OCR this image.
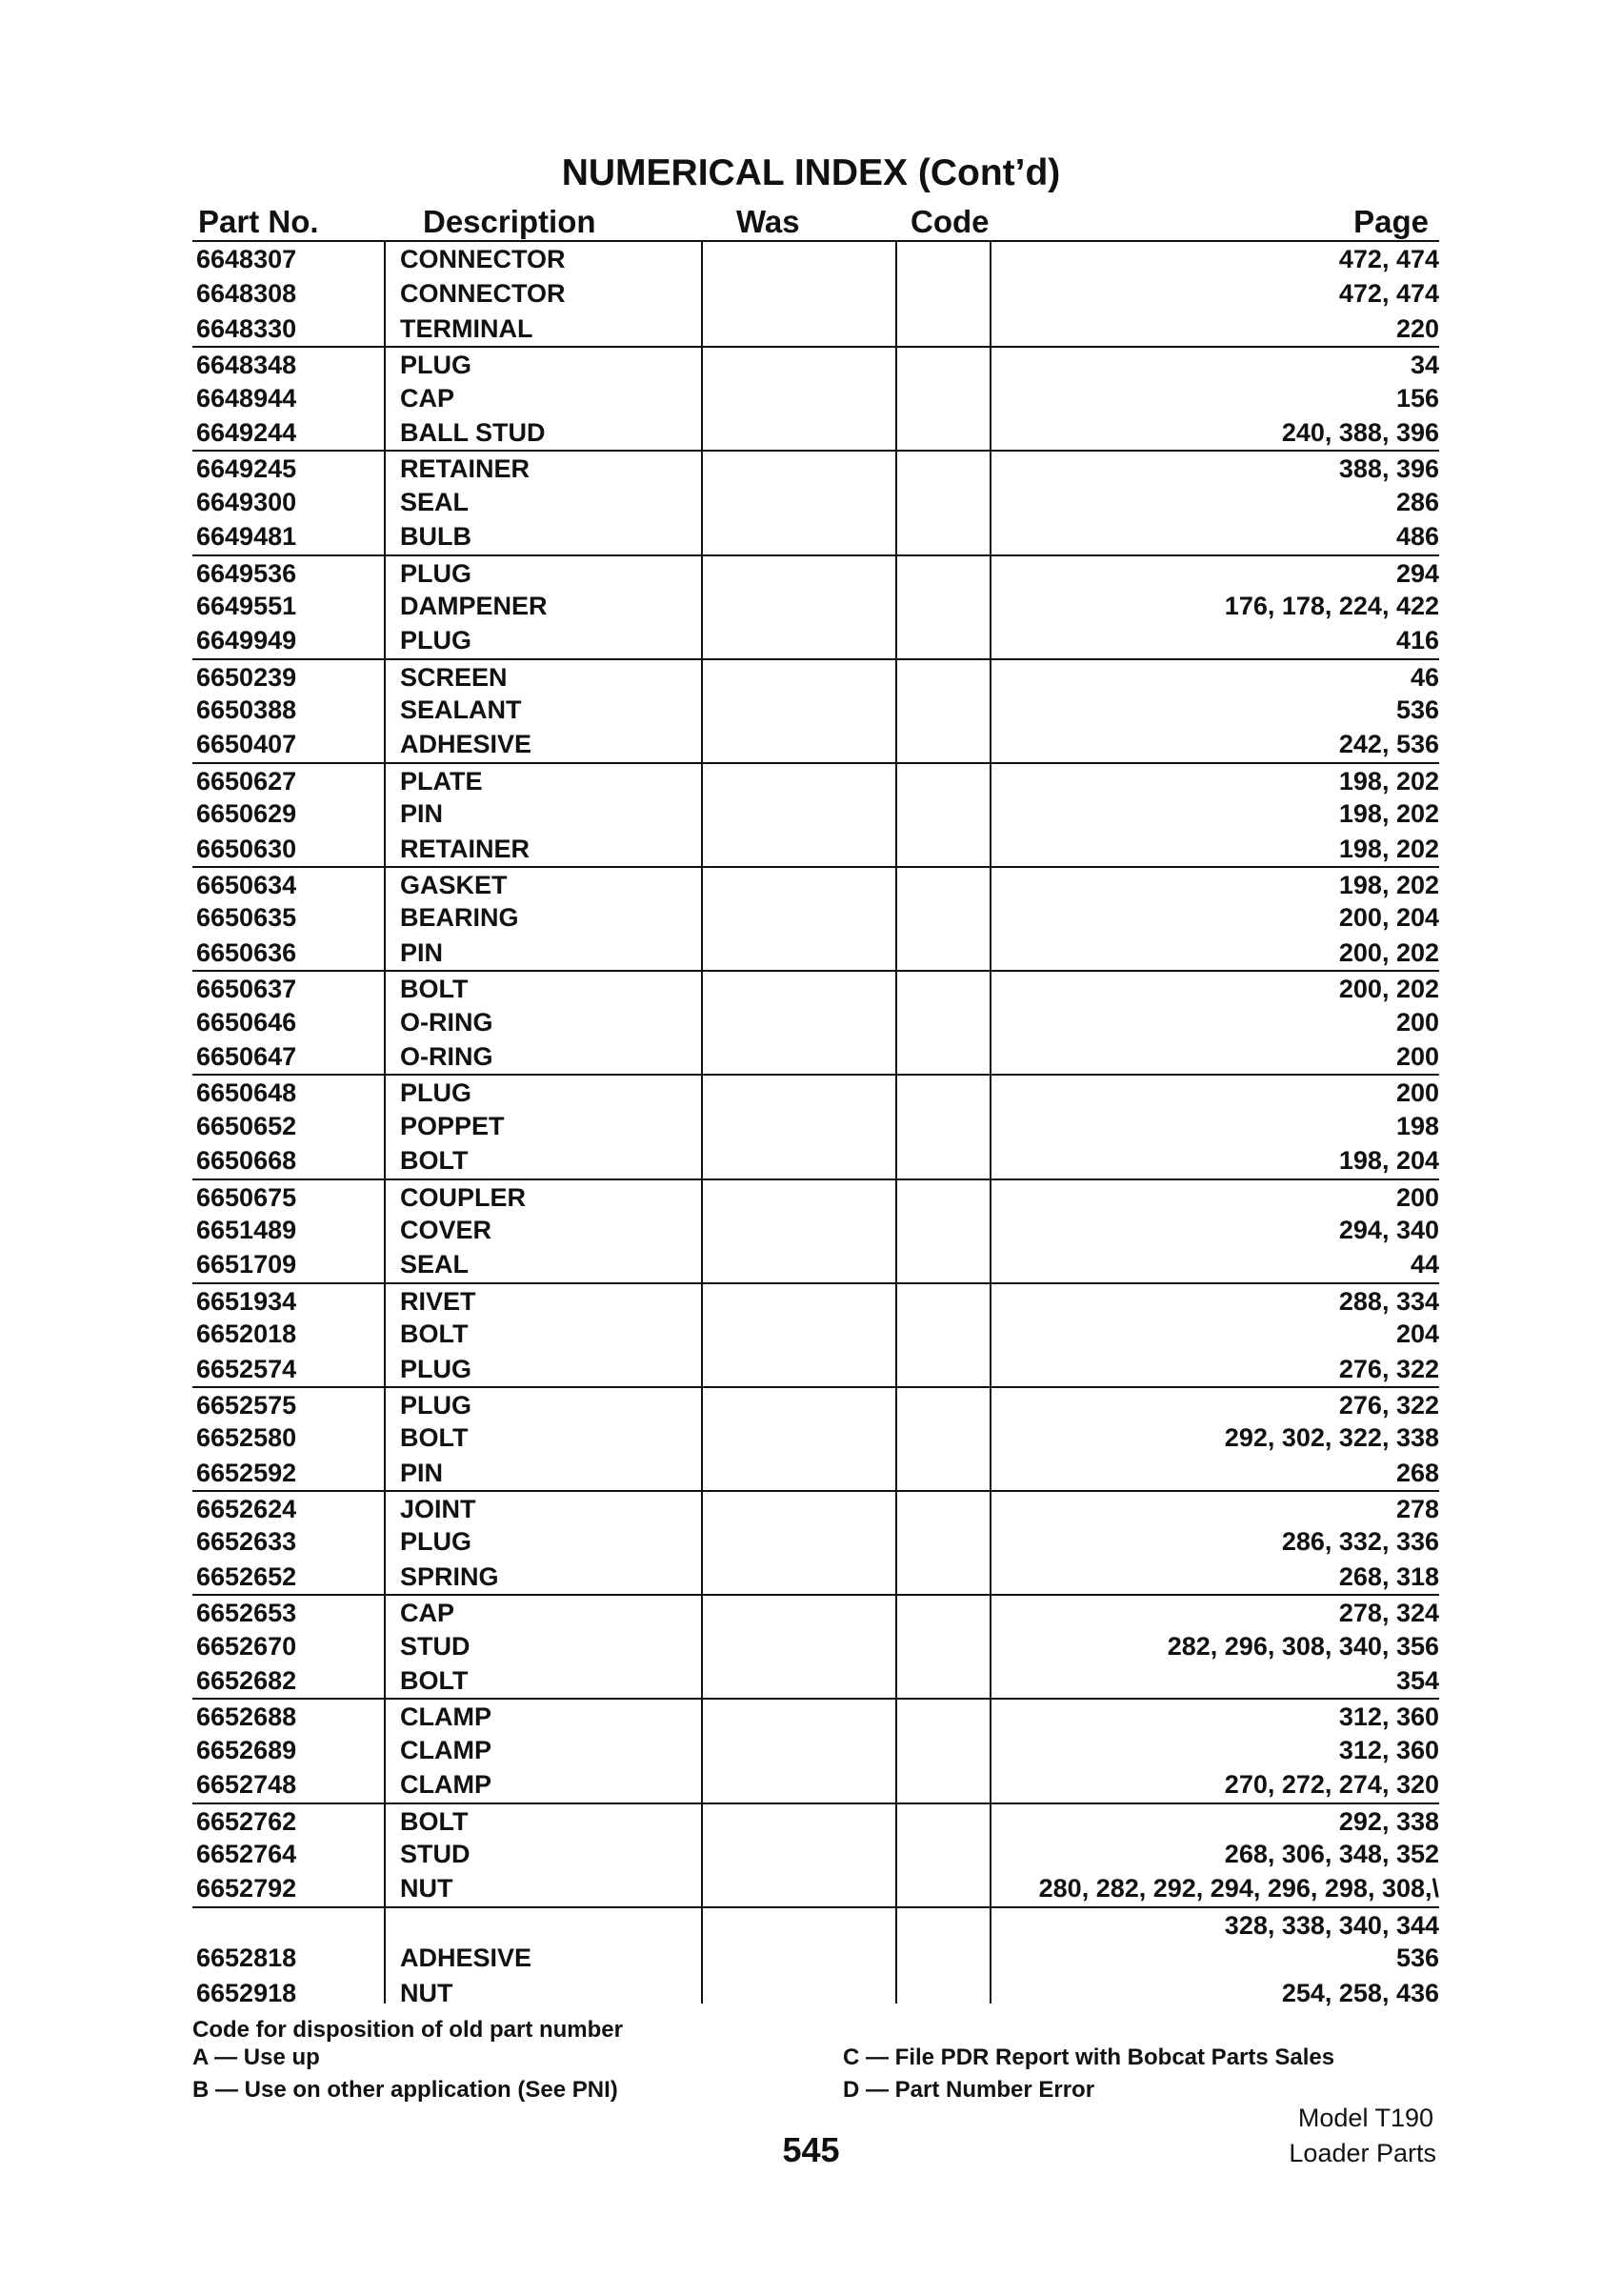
NUMERICAL INDEX (Cont’d)
Part No.	Description	Was	Code	Page
6648307	CONNECTOR	472, 474
6648308	CONNECTOR	472, 474
6648330	TERMINAL	220
6648348	PLUG	34
6648944	CAP	156
6649244	BALL STUD	240, 388, 396
6649245	RETAINER	388, 396
6649300	SEAL	286
6649481	BULB	486
6649536	PLUG	294
6649551	DAMPENER	176, 178, 224, 422
6649949	PLUG	416
6650239	SCREEN	46
6650388	SEALANT	536
6650407	ADHESIVE	242, 536
6650627	PLATE	198, 202
6650629	PIN	198, 202
6650630	RETAINER	198, 202
6650634	GASKET	198, 202
6650635	BEARING	200, 204
6650636	PIN	200, 202
6650637	BOLT	200, 202
6650646	O-RING	200
6650647	O-RING	200
6650648	PLUG	200
6650652	POPPET	198
6650668	BOLT	198, 204
6650675	COUPLER	200
6651489	COVER	294, 340
6651709	SEAL	44
6651934	RIVET	288, 334
6652018	BOLT	204
6652574	PLUG	276, 322
6652575	PLUG	276, 322
6652580	BOLT	292, 302, 322, 338
6652592	PIN	268
6652624	JOINT	278
6652633	PLUG	286, 332, 336
6652652	SPRING	268, 318
6652653	CAP	278, 324
6652670	STUD	282, 296, 308, 340, 356
6652682	BOLT	354
6652688	CLAMP	312, 360
6652689	CLAMP	312, 360
6652748	CLAMP	270, 272, 274, 320
6652762	BOLT	292, 338
6652764	STUD	268, 306, 348, 352
6652792	NUT	280, 282, 292, 294, 296, 298, 308,\
328, 338, 340, 344
6652818	ADHESIVE	536
6652918	NUT	254, 258, 436
Code for disposition of old part number
A — Use up
B — Use on other application (See PNI)
C — File PDR Report with Bobcat Parts Sales
D — Part Number Error
Model T190
Loader Parts
545
